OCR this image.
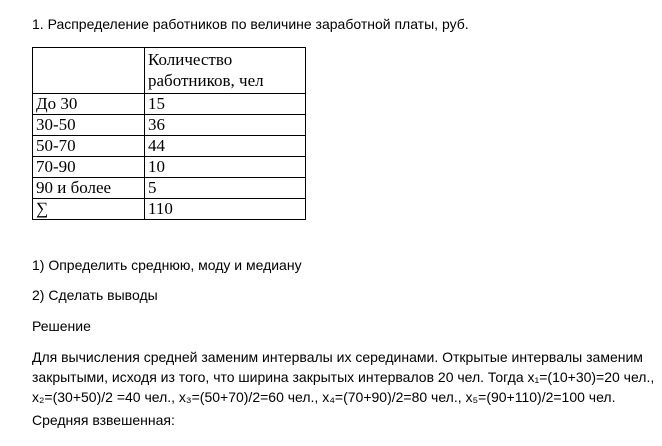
1. Распределение работников по величине заработной платы, руб.
	Количество
работников, чел
До 30	15
30-50	36
50-70	44
70-90	10
90 и более	5
∑	110
1) Определить среднюю, моду и медиану
2) Сделать выводы
Решение
Для вычисления средней заменим интервалы их серединами. Открытые интервалы заменим
закрытыми, исходя из того, что ширина закрытых интервалов 20 чел. Тогда x₁=(10+30)=20 чел.,
x₂=(30+50)/2 =40 чел., x₃=(50+70)/2=60 чел., x₄=(70+90)/2=80 чел., x₅=(90+110)/2=100 чел.
Средняя взвешенная:
